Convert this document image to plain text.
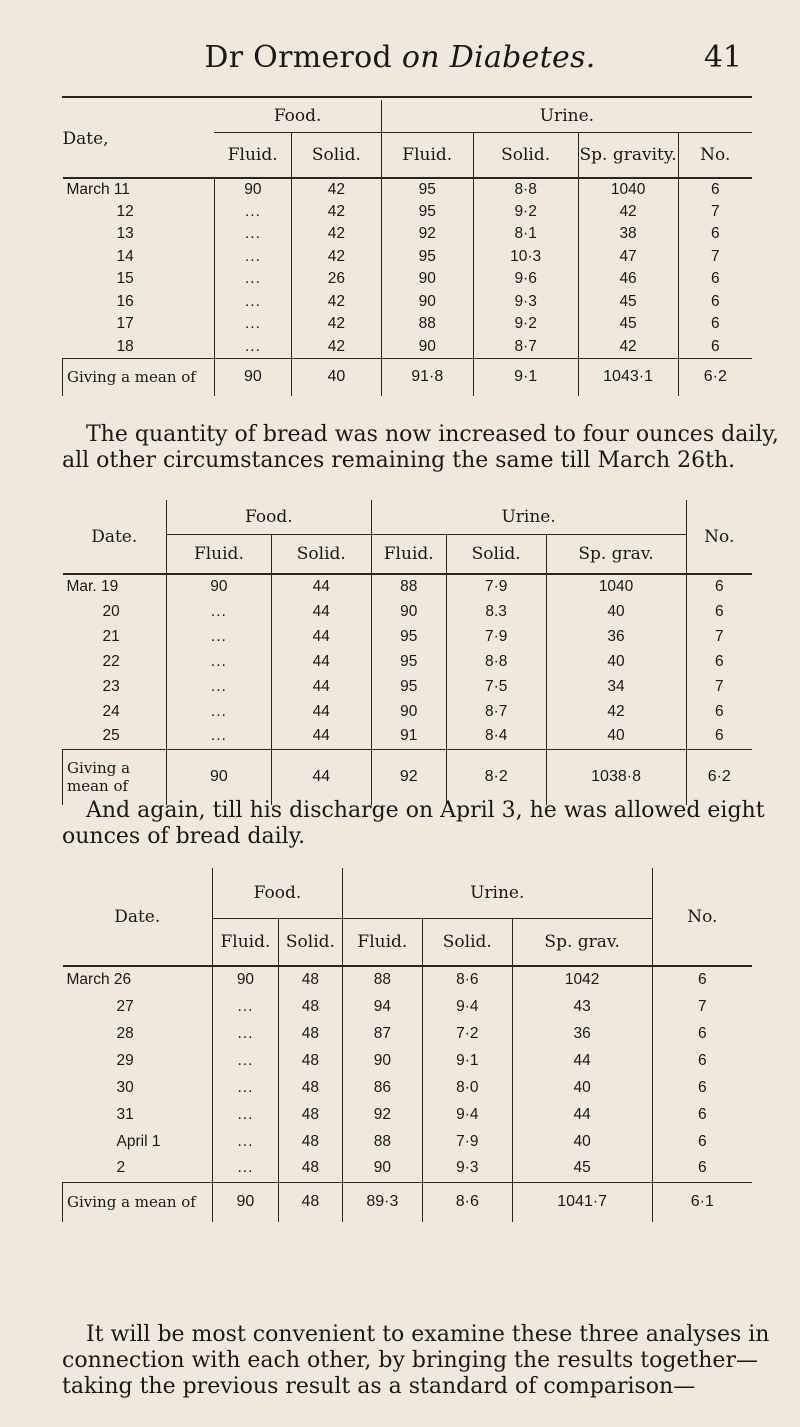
Dr Ormerod on Diabetes.	41
Date,	Food.		Urine.			
	Fluid.	Solid.	Fluid.	Solid.	Sp. gravity.	No.
March 11	90	42	95	8·8	1040	6
12	...	42	95	9·2	42	7
13	...	42	92	8·1	38	6
14	...	42	95	10·3	47	7
15	...	26	90	9·6	46	6
16	...	42	90	9·3	45	6
17	...	42	88	9·2	45	6
18	...	42	90	8·7	42	6
Giving a mean of	90	40	91·8	9·1	1043·1	6·2
The quantity of bread was now increased to four ounces daily,
all other circumstances remaining the same till March 26th.
Date.	Food.		Urine.			No.
	Fluid.	Solid.	Fluid.	Solid.	Sp. grav.	
Mar. 19	90	44	88	7·9	1040	6
20	...	44	90	8.3	40	6
21	...	44	95	7·9	36	7
22	...	44	95	8·8	40	6
23	...	44	95	7·5	34	7
24	...	44	90	8·7	42	6
25	...	44	91	8·4	40	6
Giving a
mean of	90	44	92	8·2	1038·8	6·2
And again, till his discharge on April 3, he was allowed eight
ounces of bread daily.
Date.	Food.		Urine.			No.
	Fluid.	Solid.	Fluid.	Solid.	Sp. grav.	
March 26	90	48	88	8·6	1042	6
27	...	48	94	9·4	43	7
28	...	48	87	7·2	36	6
29	...	48	90	9·1	44	6
30	...	48	86	8·0	40	6
31	...	48	92	9·4	44	6
April 1	...	48	88	7·9	40	6
2	...	48	90	9·3	45	6
Giving a mean of	90	48	89·3	8·6	1041·7	6·1
It will be most convenient to examine these three analyses in
connection with each other, by bringing the results together—
taking the previous result as a standard of comparison—
